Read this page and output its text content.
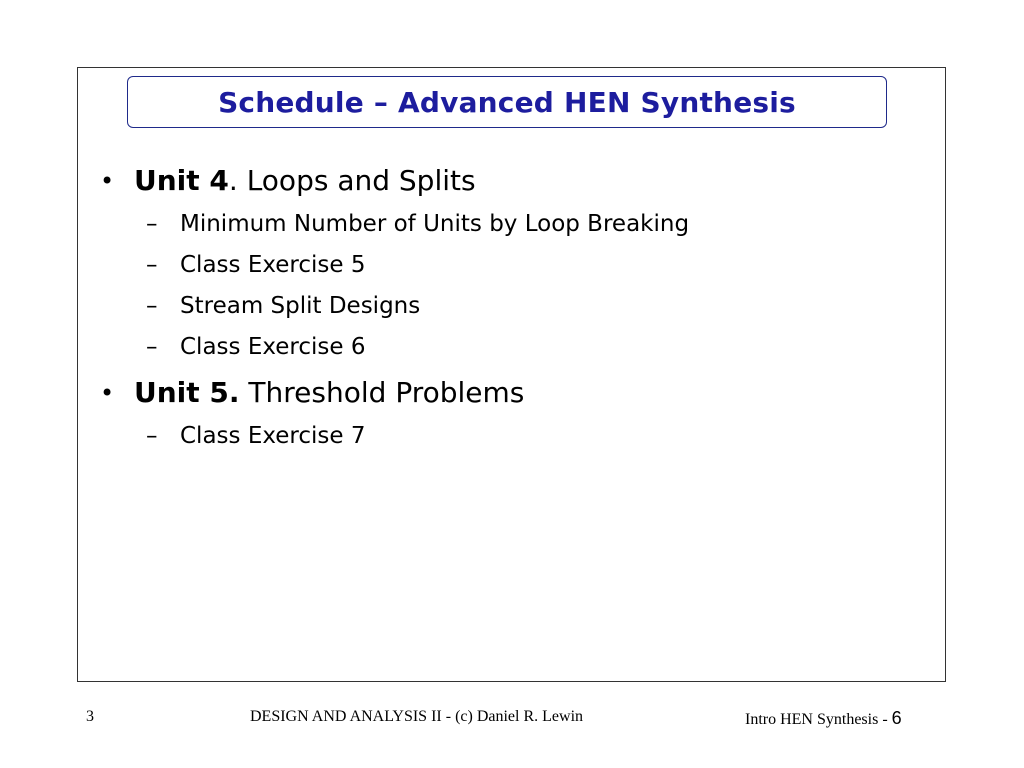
Schedule – Advanced HEN Synthesis
• Unit 4. Loops and Splits
– Minimum Number of Units by Loop Breaking
– Class Exercise 5
– Stream Split Designs
– Class Exercise 6
• Unit 5. Threshold Problems
– Class Exercise 7
3	DESIGN AND ANALYSIS II - (c) Daniel R. Lewin	Intro HEN Synthesis - 6
